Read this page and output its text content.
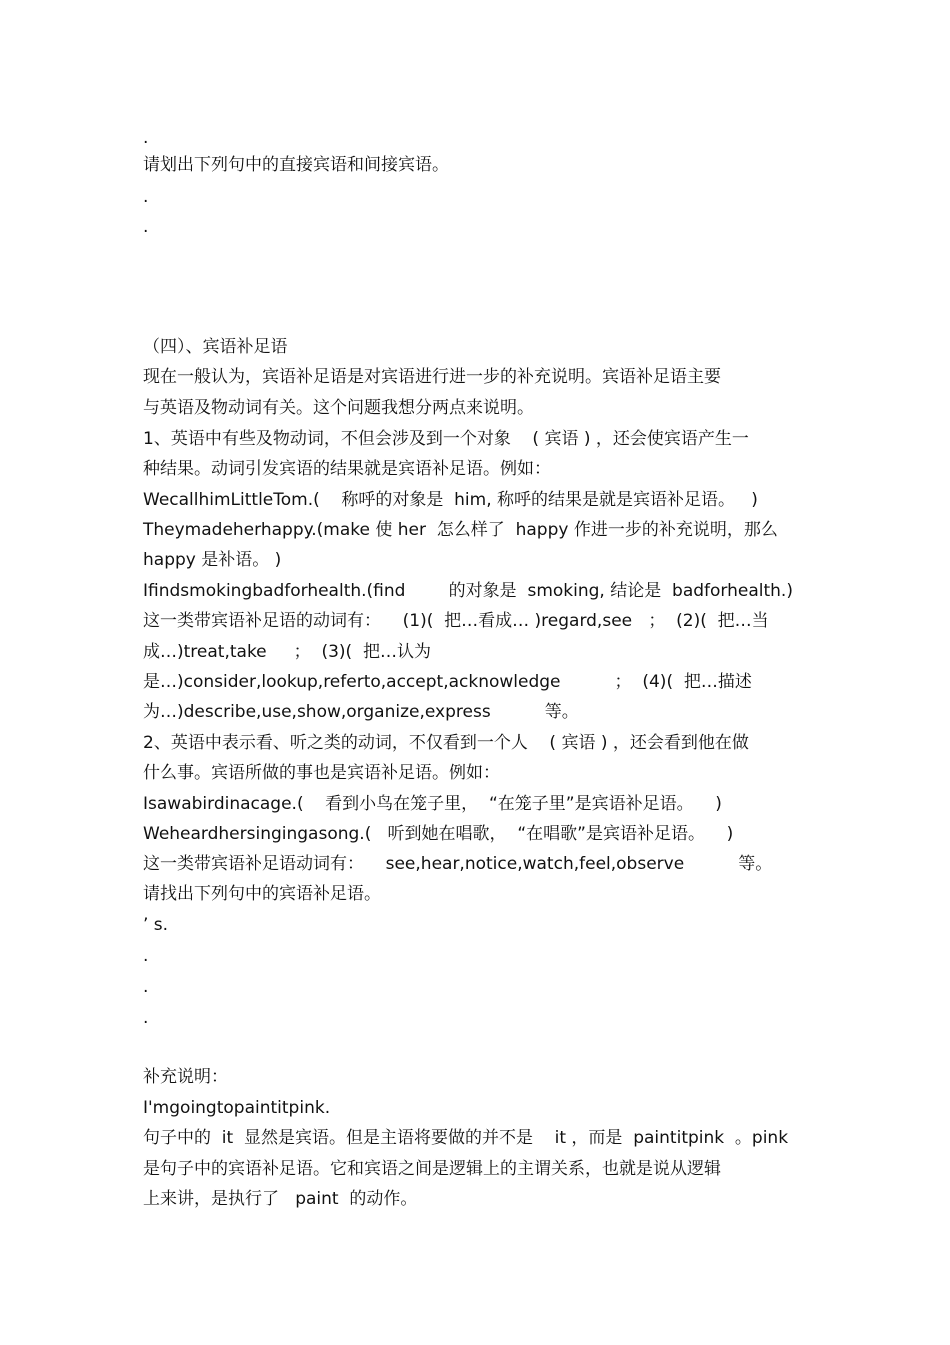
.
请划出下列句中的直接宾语和间接宾语。
.
.
（四）、宾语补足语
现在一般认为，宾语补足语是对宾语进行进一步的补充说明。宾语补足语主要
与英语及物动词有关。这个问题我想分两点来说明。
1、英语中有些及物动词，不但会涉及到一个对象    ( 宾语 ) ，还会使宾语产生一
种结果。动词引发宾语的结果就是宾语补足语。例如：
WecallhimLittleTom.(    称呼的对象是  him, 称呼的结果是就是宾语补足语。   )
Theymadeherhappy.(make 使 her  怎么样了  happy 作进一步的补充说明，那么
happy 是补语。 )
Ifindsmokingbadforhealth.(find        的对象是  smoking, 结论是  badforhealth.)
这一类带宾语补足语的动词有：    (1)(  把…看成… )regard,see   ；  (2)(  把…当
成…)treat,take     ；  (3)(  把…认为
是…)consider,lookup,referto,accept,acknowledge          ；  (4)(  把…描述
为…)describe,use,show,organize,express          等。
2、英语中表示看、听之类的动词，不仅看到一个人    ( 宾语 ) ，还会看到他在做
什么事。宾语所做的事也是宾语补足语。例如：
Isawabirdinacage.(    看到小鸟在笼子里，  “在笼子里”是宾语补足语。    )
Weheardhersingingasong.(   听到她在唱歌，  “在唱歌”是宾语补足语。    )
这一类带宾语补足语动词有：    see,hear,notice,watch,feel,observe          等。
请找出下列句中的宾语补足语。
’ s.
.
.
.
补充说明：
I'mgoingtopaintitpink.
句子中的  it  显然是宾语。但是主语将要做的并不是    it ，而是  paintitpink  。pink
是句子中的宾语补足语。它和宾语之间是逻辑上的主谓关系，也就是说从逻辑
上来讲，是执行了   paint  的动作。
